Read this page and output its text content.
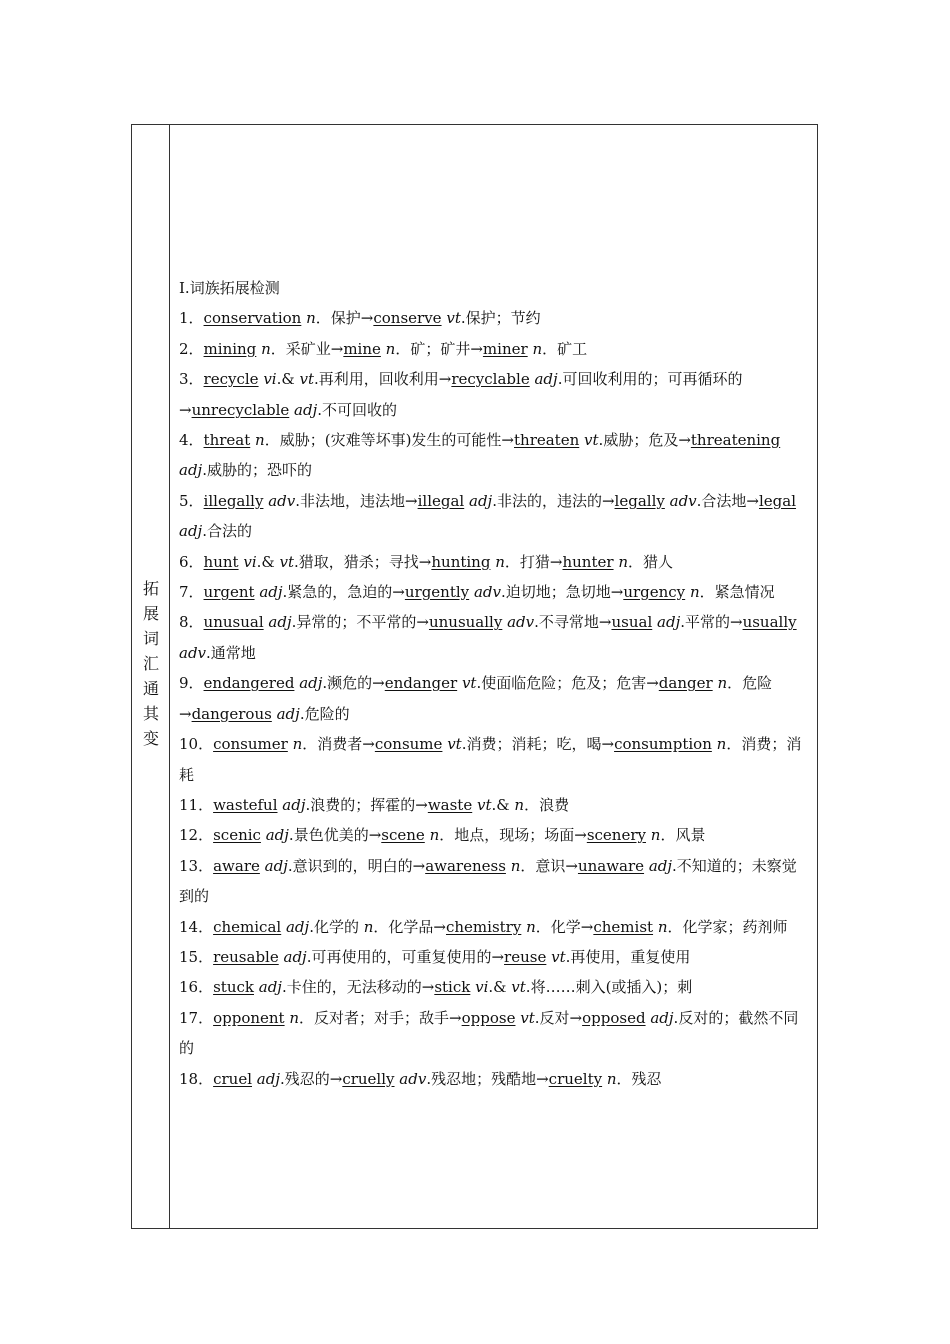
拓
展
词
汇
通
其
变
Ⅰ.词族拓展检测
1．conservation n．保护→conserve vt.保护；节约
2．mining n．采矿业→mine n．矿；矿井→miner n．矿工
3．recycle vi.& vt.再利用，回收利用→recyclable adj.可回收利用的；可再循环的→unrecyclable adj.不可回收的
4．threat n．威胁；(灾难等坏事)发生的可能性→threaten vt.威胁；危及→threatening adj.威胁的；恐吓的
5．illegally adv.非法地，违法地→illegal adj.非法的，违法的→legally adv.合法地→legal adj.合法的
6．hunt vi.& vt.猎取，猎杀；寻找→hunting n．打猎→hunter n．猎人
7．urgent adj.紧急的，急迫的→urgently adv.迫切地；急切地→urgency n．紧急情况
8．unusual adj.异常的；不平常的→unusually adv.不寻常地→usual adj.平常的→usually adv.通常地
9．endangered adj.濒危的→endanger vt.使面临危险；危及；危害→danger n．危险→dangerous adj.危险的
10．consumer n．消费者→consume vt.消费；消耗；吃，喝→consumption n．消费；消耗
11．wasteful adj.浪费的；挥霍的→waste vt.& n．浪费
12．scenic adj.景色优美的→scene n．地点，现场；场面→scenery n．风景
13．aware adj.意识到的，明白的→awareness n．意识→unaware adj.不知道的；未察觉到的
14．chemical adj.化学的 n．化学品→chemistry n．化学→chemist n．化学家；药剂师
15．reusable adj.可再使用的，可重复使用的→reuse vt.再使用，重复使用
16．stuck adj.卡住的，无法移动的→stick vi.& vt.将……刺入(或插入)；刺
17．opponent n．反对者；对手；敌手→oppose vt.反对→opposed adj.反对的；截然不同的
18．cruel adj.残忍的→cruelly adv.残忍地；残酷地→cruelty n．残忍
